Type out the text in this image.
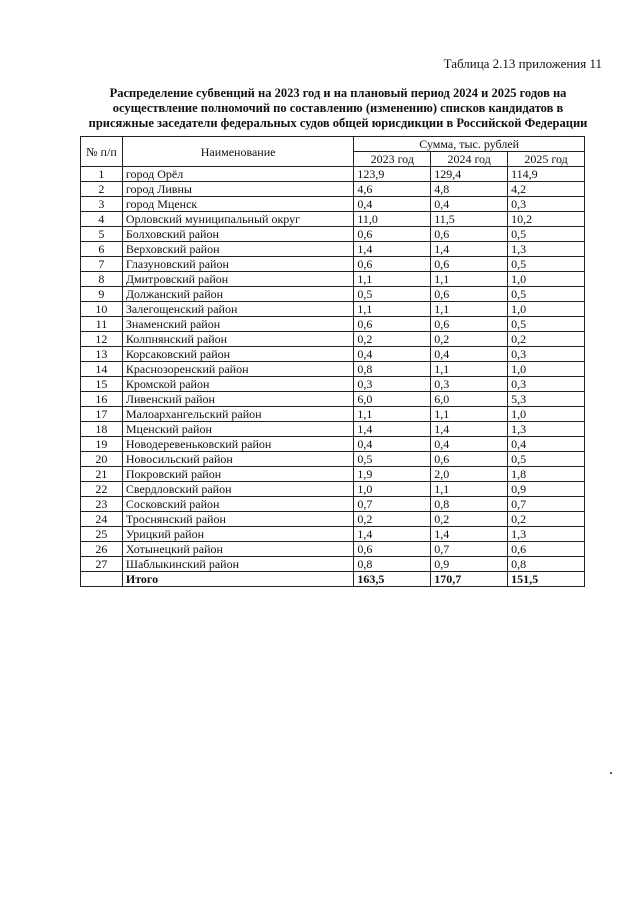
Таблица 2.13 приложения 11
Распределение субвенций на 2023 год и на плановый период 2024 и 2025 годов на
осуществление полномочий по составлению (изменению) списков кандидатов в
присяжные заседатели федеральных судов общей юрисдикции в Российской Федерации
№ п/п	Наименование	Сумма, тыс. рублей		
		2023 год	2024 год	2025 год
1	город Орёл	123,9	129,4	114,9
2	город Ливны	4,6	4,8	4,2
3	город Мценск	0,4	0,4	0,3
4	Орловский муниципальный округ	11,0	11,5	10,2
5	Болховский район	0,6	0,6	0,5
6	Верховский район	1,4	1,4	1,3
7	Глазуновский район	0,6	0,6	0,5
8	Дмитровский район	1,1	1,1	1,0
9	Должанский район	0,5	0,6	0,5
10	Залегощенский район	1,1	1,1	1,0
11	Знаменский район	0,6	0,6	0,5
12	Колпнянский район	0,2	0,2	0,2
13	Корсаковский район	0,4	0,4	0,3
14	Краснозоренский район	0,8	1,1	1,0
15	Кромской район	0,3	0,3	0,3
16	Ливенский район	6,0	6,0	5,3
17	Малоархангельский район	1,1	1,1	1,0
18	Мценский район	1,4	1,4	1,3
19	Новодеревеньковский район	0,4	0,4	0,4
20	Новосильский район	0,5	0,6	0,5
21	Покровский район	1,9	2,0	1,8
22	Свердловский район	1,0	1,1	0,9
23	Сосковский район	0,7	0,8	0,7
24	Троснянский район	0,2	0,2	0,2
25	Урицкий район	1,4	1,4	1,3
26	Хотынецкий район	0,6	0,7	0,6
27	Шаблыкинский район	0,8	0,9	0,8
	Итого	163,5	170,7	151,5
